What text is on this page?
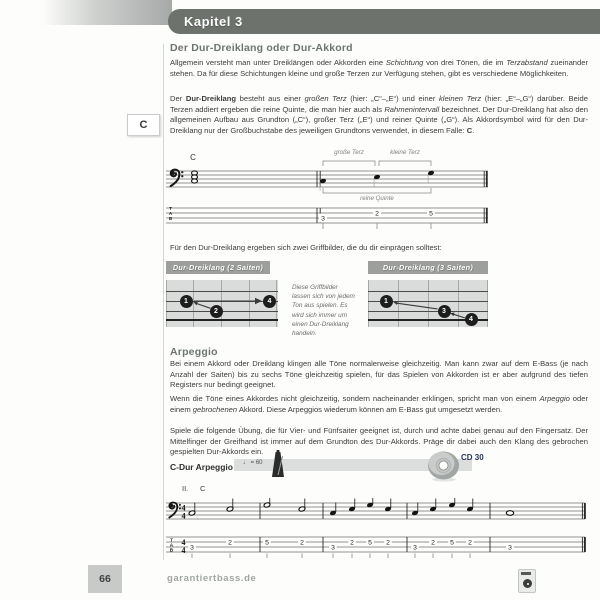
Kapitel 3
C
Der Dur-Dreiklang oder Dur-Akkord
Allgemein versteht man unter Dreiklängen oder Akkorden eine Schichtung von drei Tönen, die im Terzabstand zueinander stehen. Da für diese Schichtungen kleine und große Terzen zur Verfügung stehen, gibt es verschiedene Möglichkeiten.
Der Dur-Dreiklang besteht aus einer großen Terz (hier: „C“–„E“) und einer kleinen Terz (hier: „E“–„G“) darüber. Beide Terzen addiert ergeben die reine Quinte, die man hier auch als Rahmenintervall bezeichnet. Der Dur-Dreiklang hat also den allgemeinen Aufbau aus Grundton („C“), großer Terz („E“) und reiner Quinte („G“). Als Akkordsymbol wird für den Dur-Dreiklang nur der Großbuchstabe des jeweiligen Grundtons verwendet, in diesem Falle: C.
C
große Terz	kleine Terz
reine Quinte
3
2	5
T
A
B
Für den Dur-Dreiklang ergeben sich zwei Griffbilder, die du dir einprägen solltest:
Dur-Dreiklang (2 Saiten)	Dur-Dreiklang (3 Saiten)
1
2
4	1
3
4
Diese Griffbilder lassen sich von jedem Ton aus spielen. Es wird sich immer um einen Dur-Dreiklang handeln.
Arpeggio
Bei einem Akkord oder Dreiklang klingen alle Töne normalerweise gleichzeitig. Man kann zwar auf dem E-Bass (je nach Anzahl der Saiten) bis zu sechs Töne gleichzeitig spielen, für das Spielen von Akkorden ist er aber aufgrund des tiefen Registers nur bedingt geeignet.
Wenn die Töne eines Akkordes nicht gleichzeitig, sondern nacheinander erklingen, spricht man von einem Arpeggio oder einem gebrochenen Akkord. Diese Arpeggios wiederum können am E-Bass gut umgesetzt werden.
Spiele die folgende Übung, die für Vier- und Fünfsaiter geeignet ist, durch und achte dabei genau auf den Fingersatz. Der Mittelfinger der Greifhand ist immer auf dem Grundton des Dur-Akkords. Präge dir dabei auch den Klang des gebrochen gespielten Dur-Akkords ein.
C-Dur Arpeggio ♩ = 60
CD 30
II. C
4
4
4
4
T
A
B 3
2	5	2
3
2 5 2
3
2 5 2
3
66	garantiertbass.de
